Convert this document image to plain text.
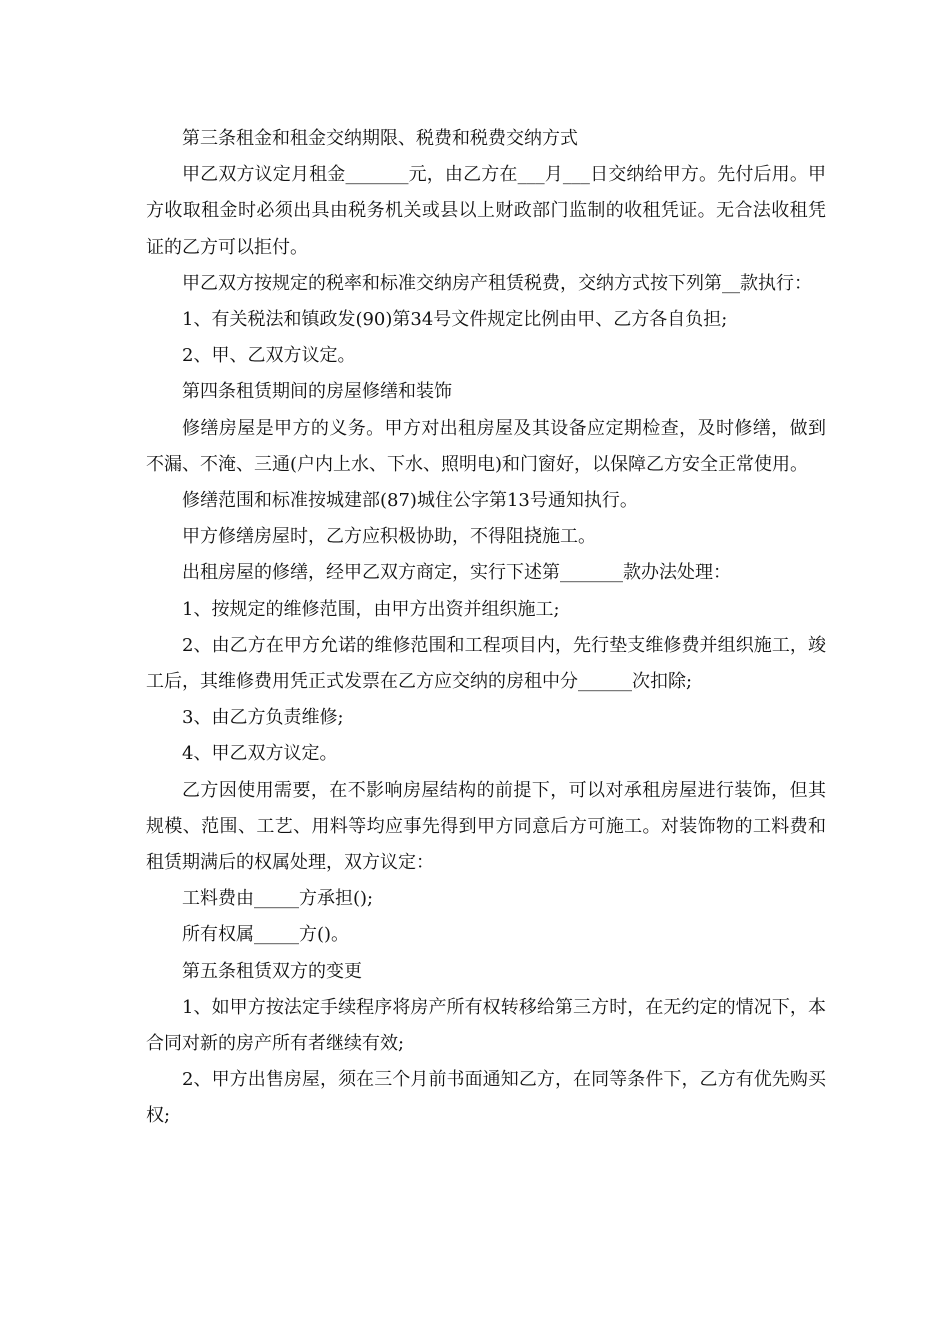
第三条租金和租金交纳期限、税费和税费交纳方式

甲乙双方议定月租金_______元，由乙方在___月___日交纳给甲方。先付后用。甲方收取租金时必须出具由税务机关或县以上财政部门监制的收租凭证。无合法收租凭证的乙方可以拒付。

甲乙双方按规定的税率和标准交纳房产租赁税费，交纳方式按下列第__款执行：

1、有关税法和镇政发(90)第34号文件规定比例由甲、乙方各自负担;

2、甲、乙双方议定。

第四条租赁期间的房屋修缮和装饰

修缮房屋是甲方的义务。甲方对出租房屋及其设备应定期检查，及时修缮，做到不漏、不淹、三通(户内上水、下水、照明电)和门窗好，以保障乙方安全正常使用。

修缮范围和标准按城建部(87)城住公字第13号通知执行。

甲方修缮房屋时，乙方应积极协助，不得阻挠施工。

出租房屋的修缮，经甲乙双方商定，实行下述第_______款办法处理：

1、按规定的维修范围，由甲方出资并组织施工;

2、由乙方在甲方允诺的维修范围和工程项目内，先行垫支维修费并组织施工，竣工后，其维修费用凭正式发票在乙方应交纳的房租中分______次扣除;

3、由乙方负责维修;

4、甲乙双方议定。

乙方因使用需要，在不影响房屋结构的前提下，可以对承租房屋进行装饰，但其规模、范围、工艺、用料等均应事先得到甲方同意后方可施工。对装饰物的工料费和租赁期满后的权属处理，双方议定：

工料费由_____方承担();

所有权属_____方()。

第五条租赁双方的变更

1、如甲方按法定手续程序将房产所有权转移给第三方时，在无约定的情况下，本合同对新的房产所有者继续有效;

2、甲方出售房屋，须在三个月前书面通知乙方，在同等条件下，乙方有优先购买权;
